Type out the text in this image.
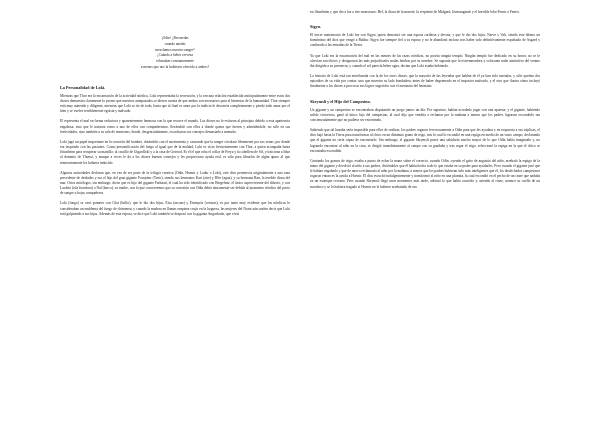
¡Odín! ¿Recuerdas
cuando antaño
mezclamos nuestra sangre?
¿Cuándo a beber cerveza
rehusabas constantemente
a menos que nos la hubiesen ofrecido a ambos?
La Personalidad de Loki.

Mientras que Thor era la encarnación de la actividad nórdica, Loki representaba la recreación, y la cercana relación establecida anticipadamente entre estos dos dioses demuestra claramente lo pronto que nuestros antepasados se dieron cuenta de que ambos son necesarios para el bienestar de la humanidad. Thor siempre está muy atareado y diligente, mientras que Loki se ríe de todo, hasta que al final es amor por la malicia le descarría completamente y pierde todo amor por el bien y se vuelve terriblemente egoísta y malvado.

El representa el mal en forma seductora y aparentemente hermosa con la que recorre el mundo. Los dioses no le evitaron al principio debido a esta apariencia engañosa, sino que le trataron como a uno de ellos con compañerismo, llevándole con ellos a donde quiera que fuesen y admitiéndole, no sólo en sus festividades, sino también a su sala de reuniones, donde, desgraciadamente, escucharon sus consejos demasiado a menudo.

Loki jugó un papel importante en la creación del hombre, dotándolo con el movimiento y causando que la sangre circulase libremente por sus venas, por donde era inspirado con las pasiones. Como personificación del fuego al igual que de la maldad, Loki es visto frecuentemente con Thor, a quien acompaña hasta Jötunheim para recuperar su martillo; al castillo de Utgardloki y a la casa de Geirrod. Es él el que roba el collar de Freya y la cabellera de Sif, y traiciona a Idun al dominio de Thiassi, y aunque a veces le da a los dioses buenos consejos y les proporciona ayuda real, es sólo para librarlos de algún apuro al que temerariamente les hubiera inducido.

Algunos autoridades declaran que, en vez de ser parte de la trilogía creativa (Odín, Hoenir y Lodur o Loki), este dios pertenecía originalmente a una raza precedente de deidades y era el hijo del gran gigante Fornjotnr (Ymir), siendo sus hermanos Kari (aire) y Hler (agua), y su hermana Ran, la terrible diosa del mar. Otros mitólogos, sin embargo, dicen que es hijo del gigante Farbauti, el cual ha sido identificado con Bergelmir, el único superviviente del diluvio, y con Laufeia (isla frondosa) o Nal (barco), su madre, con lo que conoceremos que su conexión con Odín debía únicamente ser debida al juramento nórdico del pacto de sangre u hojas compañeros.

Loki (fuego) se casó primero con Glut (brillo), que le dio dos hijas, Eisa (ascuas) y Einmyria (cenizas); es por tanto muy evidente que los nórdicos le consideraban un emblema del fuego de chimenea, y cuando la madera en llamas empieza crujir en la hoguera, las mujeres del Norte aún suelen decir que Loki está golpeando a sus hijas. Además de esta esposa, se dice que Loki también se desposó con la giganta Angurboda, que vivía

en Jötunheim y que dio a luz a tres monstruos: Hel, la diosa de la muerte; la serpiente de Midgard, Iörmungandr y el horrible lobo Fenrir o Fenris.

Sigyn.

El tercer matrimonio de Loki fue con Sigyn, quien demostró ser una esposa cariñosa y devota, y que le dio dos hijos, Narve y Vali, siendo este último un homónimo del dios que vengó a Baldur. Sigyn fue siempre fiel a su esposo y no le abandonó incluso tras haber sido definitivamente expulsado de Asgard y confinado a las entrañas de la Tierra.

Ya que Loki era la encarnación del mal en las mentes de las razas nórdicas, no poseía ningún templo. Ningún templo fue dedicado en su honor, no se le ofrecían sacrificios y designaron las más perjudiciales malas hierbas por su nombre. Se suponía que la extremeradora y sofocante nube atmósfera del verano iba dirigida a su presencia; y cuando el sol parecía beber agua, decían que Loki estaba bebiendo.

La historia de Loki está tan entrelazada con la de los otros dioses, que la mayoría de las leyendas que hablan de él ya han sido narradas, y sólo quedan dos episodios de su vida por contar: uno que muestra su lado bondadoso antes de haber degenerado en el impostor malvado, y el otro que ilustra cómo incluyó finalmente a los dioses a provocar sus logros sugeridos con el asesinato del hermano.

Skrymsli y el Hijo del Campesino.

Un gigante y un campesino se encontraban disputando un juego juntos un día. Por supuesto, habían acordado jugar con una apuesta, y el gigante, habiendo salido victorioso, ganó al único hijo del campesino, al cual dijo que vendría a reclamar por la mañana a menos que los padres lograsen esconderlo tan concienzudamente que no pudiese ser encontrado.

Sabiendo que tal hazaña sería imposible para ellos de realizar, los padres rogaron fervorosamente a Odín para que les ayudara y en respuesta a sus súplicas, el dios bajó hasta la Tierra para transformar al chico en un diminuto grano de trigo, tras lo cual lo escondió en una espiga en medio de un vasto campo, declarando que el gigante no sería capaz de encontrarlo. Sin embargo, el gigante Skrymsli posee una sabiduría mucho mayor de lo que Odín había imaginado y, no logrando encontrar al niño en la casa, se dirigió inmediatamente al campo con su guadaña y tras segar el trigo, seleccionó la espiga en la que el chico se encontraba escondido.

Contando los granos de trigo, estaba a punto de echar la mano sobre el correcto, cuando Odín, oyendo el grito de angustia del niño, arrebató la espiga de la mano del gigante y devolvió al niño a sus padres, diciéndoles que él había hecho todo lo que estaba en su poder para ayudarles. Pero cuando el gigante juró que le habían engañado y que de nuevo reclamaría al niño por la mañana, a menos que los padres hubieran sido más inteligentes que él, los desdichados campesinos rogaron entonces la ayuda a Hoenir. El dios escuchó indulgentemente y transformó al niño en una plumita, la cual escondió en el pecho de un cisne que nadaba en un estanque cercano. Pero cuando Skrymsli llegó unos momentos más tarde, adivinó lo que había ocurrido y, asiendo al cisne, arrancó su cuello de un mordisco y se lo hubiera tragado si Hoenir no le hubiese arrebatado de sus
